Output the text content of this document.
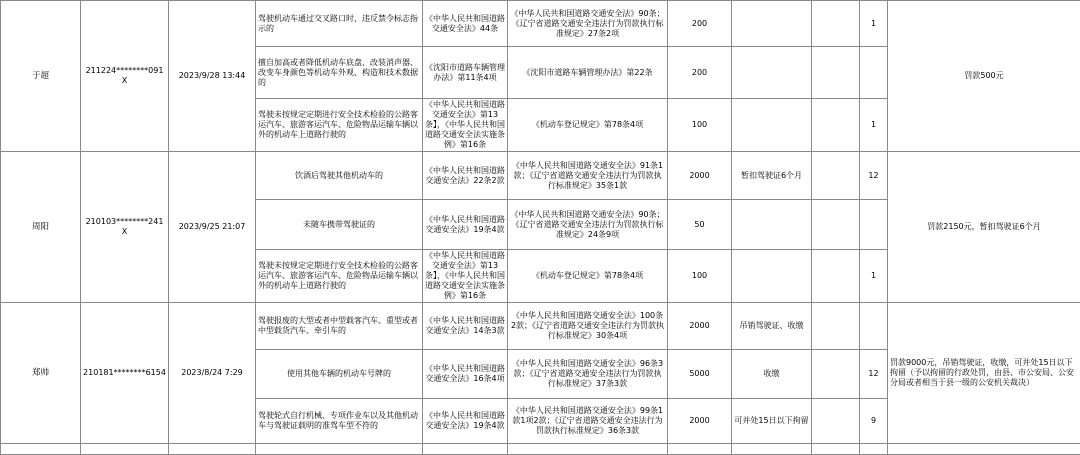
于超	211224********091X	2023/9/28 13:44	驾驶机动车通过交叉路口时，违反禁令标志指示的	《中华人民共和国道路交通安全法》44条	《中华人民共和国道路交通安全法》90条；《辽宁省道路交通安全违法行为罚款执行标准规定》27条2项	200			1	罚款500元
			擅自加高或者降低机动车底盘、改装消声器、改变车身颜色等机动车外观、构造和技术数据的	《沈阳市道路车辆管理办法》第11条4项	《沈阳市道路车辆管理办法》第22条	200				
			驾驶未按规定定期进行安全技术检验的公路客运汽车、旅游客运汽车、危险物品运输车辆以外的机动车上道路行驶的	《中华人民共和国道路交通安全法》第13条】，《中华人民共和国道路交通安全法实施条例》第16条	《机动车登记规定》第78条4项	100			1	
周阳	210103********241X	2023/9/25 21:07	饮酒后驾驶其他机动车的	《中华人民共和国道路交通安全法》22条2款	《中华人民共和国道路交通安全法》91条1款；《辽宁省道路交通安全违法行为罚款执行标准规定》35条1款	2000	暂扣驾驶证6个月		12	罚款2150元，暂扣驾驶证6个月
			未随车携带驾驶证的	《中华人民共和国道路交通安全法》19条4款	《中华人民共和国道路交通安全法》90条；《辽宁省道路交通安全违法行为罚款执行标准规定》24条9项	50				
			驾驶未按规定定期进行安全技术检验的公路客运汽车、旅游客运汽车、危险物品运输车辆以外的机动车上道路行驶的	《中华人民共和国道路交通安全法》第13条】，《中华人民共和国道路交通安全法实施条例》第16条	《机动车登记规定》第78条4项	100			1	
郑帅	210181********6154	2023/8/24 7:29	驾驶报废的大型或者中型载客汽车、重型或者中型载货汽车、牵引车的	《中华人民共和国道路交通安全法》14条3款	《中华人民共和国道路交通安全法》100条2款；《辽宁省道路交通安全违法行为罚款执行标准规定》30条4项	2000	吊销驾驶证、收缴			罚款9000元，吊销驾驶证，收缴，可并处15日以下拘留（予以拘留的行政处罚，由县、市公安局、公安分局或者相当于县一级的公安机关裁决）
			使用其他车辆的机动车号牌的	《中华人民共和国道路交通安全法》16条4项	《中华人民共和国道路交通安全法》96条3款；《辽宁省道路交通安全违法行为罚款执行标准规定》37条3款	5000	收缴		12	
			驾驶轮式自行机械、专项作业车以及其他机动车与驾驶证载明的准驾车型不符的	《中华人民共和国道路交通安全法》19条4款	《中华人民共和国道路交通安全法》99条1款1项2款；《辽宁省道路交通安全违法行为罚款执行标准规定》36条3款	2000	可并处15日以下拘留		9	
